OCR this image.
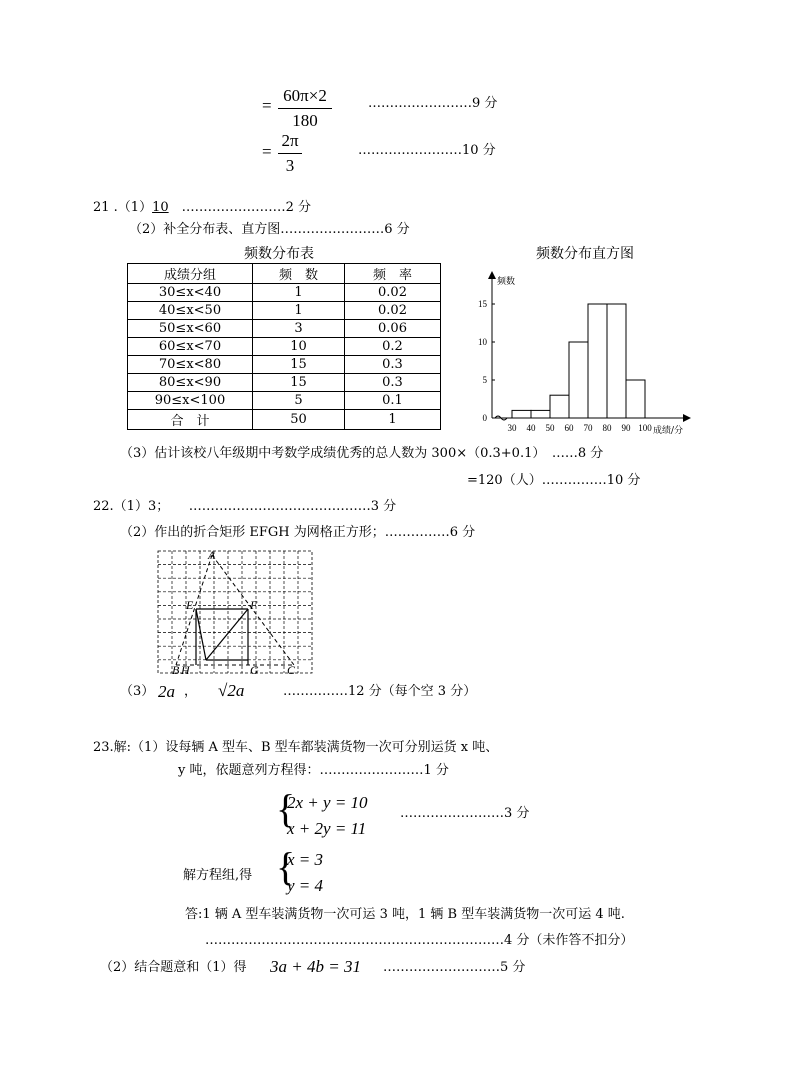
=
60π×2
180
……………………9 分
=
2π
3
……………………10 分
21 .（1）10　 ……………………2 分
（2）补全分布表、直方图……………………6 分
频数分布表
成绩分组	频　数	频　率
30≤x<40	1	0.02
40≤x<50	1	0.02
50≤x<60	3	0.06
60≤x<70	10	0.2
70≤x<80	15	0.3
80≤x<90	15	0.3
90≤x<100	5	0.1
合　计	50	1
频数分布直方图
0
5
10
15
30 40 50 60 70 80 90 100
频数
成绩/分
（3）估计该校八年级期中考数学成绩优秀的总人数为 300×（0.3+0.1）　……8 分
=120（人）……………10 分
22.（1）3；　　……………………………………3 分
（2）作出的折合矩形 EFGH 为网格正方形；……………6 分
A
E	F
B H	G C
（3） 2a ， √2a	……………12 分（每个空 3 分）
23.解:（1）设每辆 A 型车、B 型车都装满货物一次可分别运货 x 吨、
y 吨，依题意列方程得：……………………1 分
{
2x + y = 10
x + 2y = 11
……………………3 分
解方程组,得 {
x = 3
y = 4
答:1 辆 A 型车装满货物一次可运 3 吨，1 辆 B 型车装满货物一次可运 4 吨.
……………………………………………………………4 分（未作答不扣分）
（2）结合题意和（1）得 3a + 4b = 31 ………………………5 分
